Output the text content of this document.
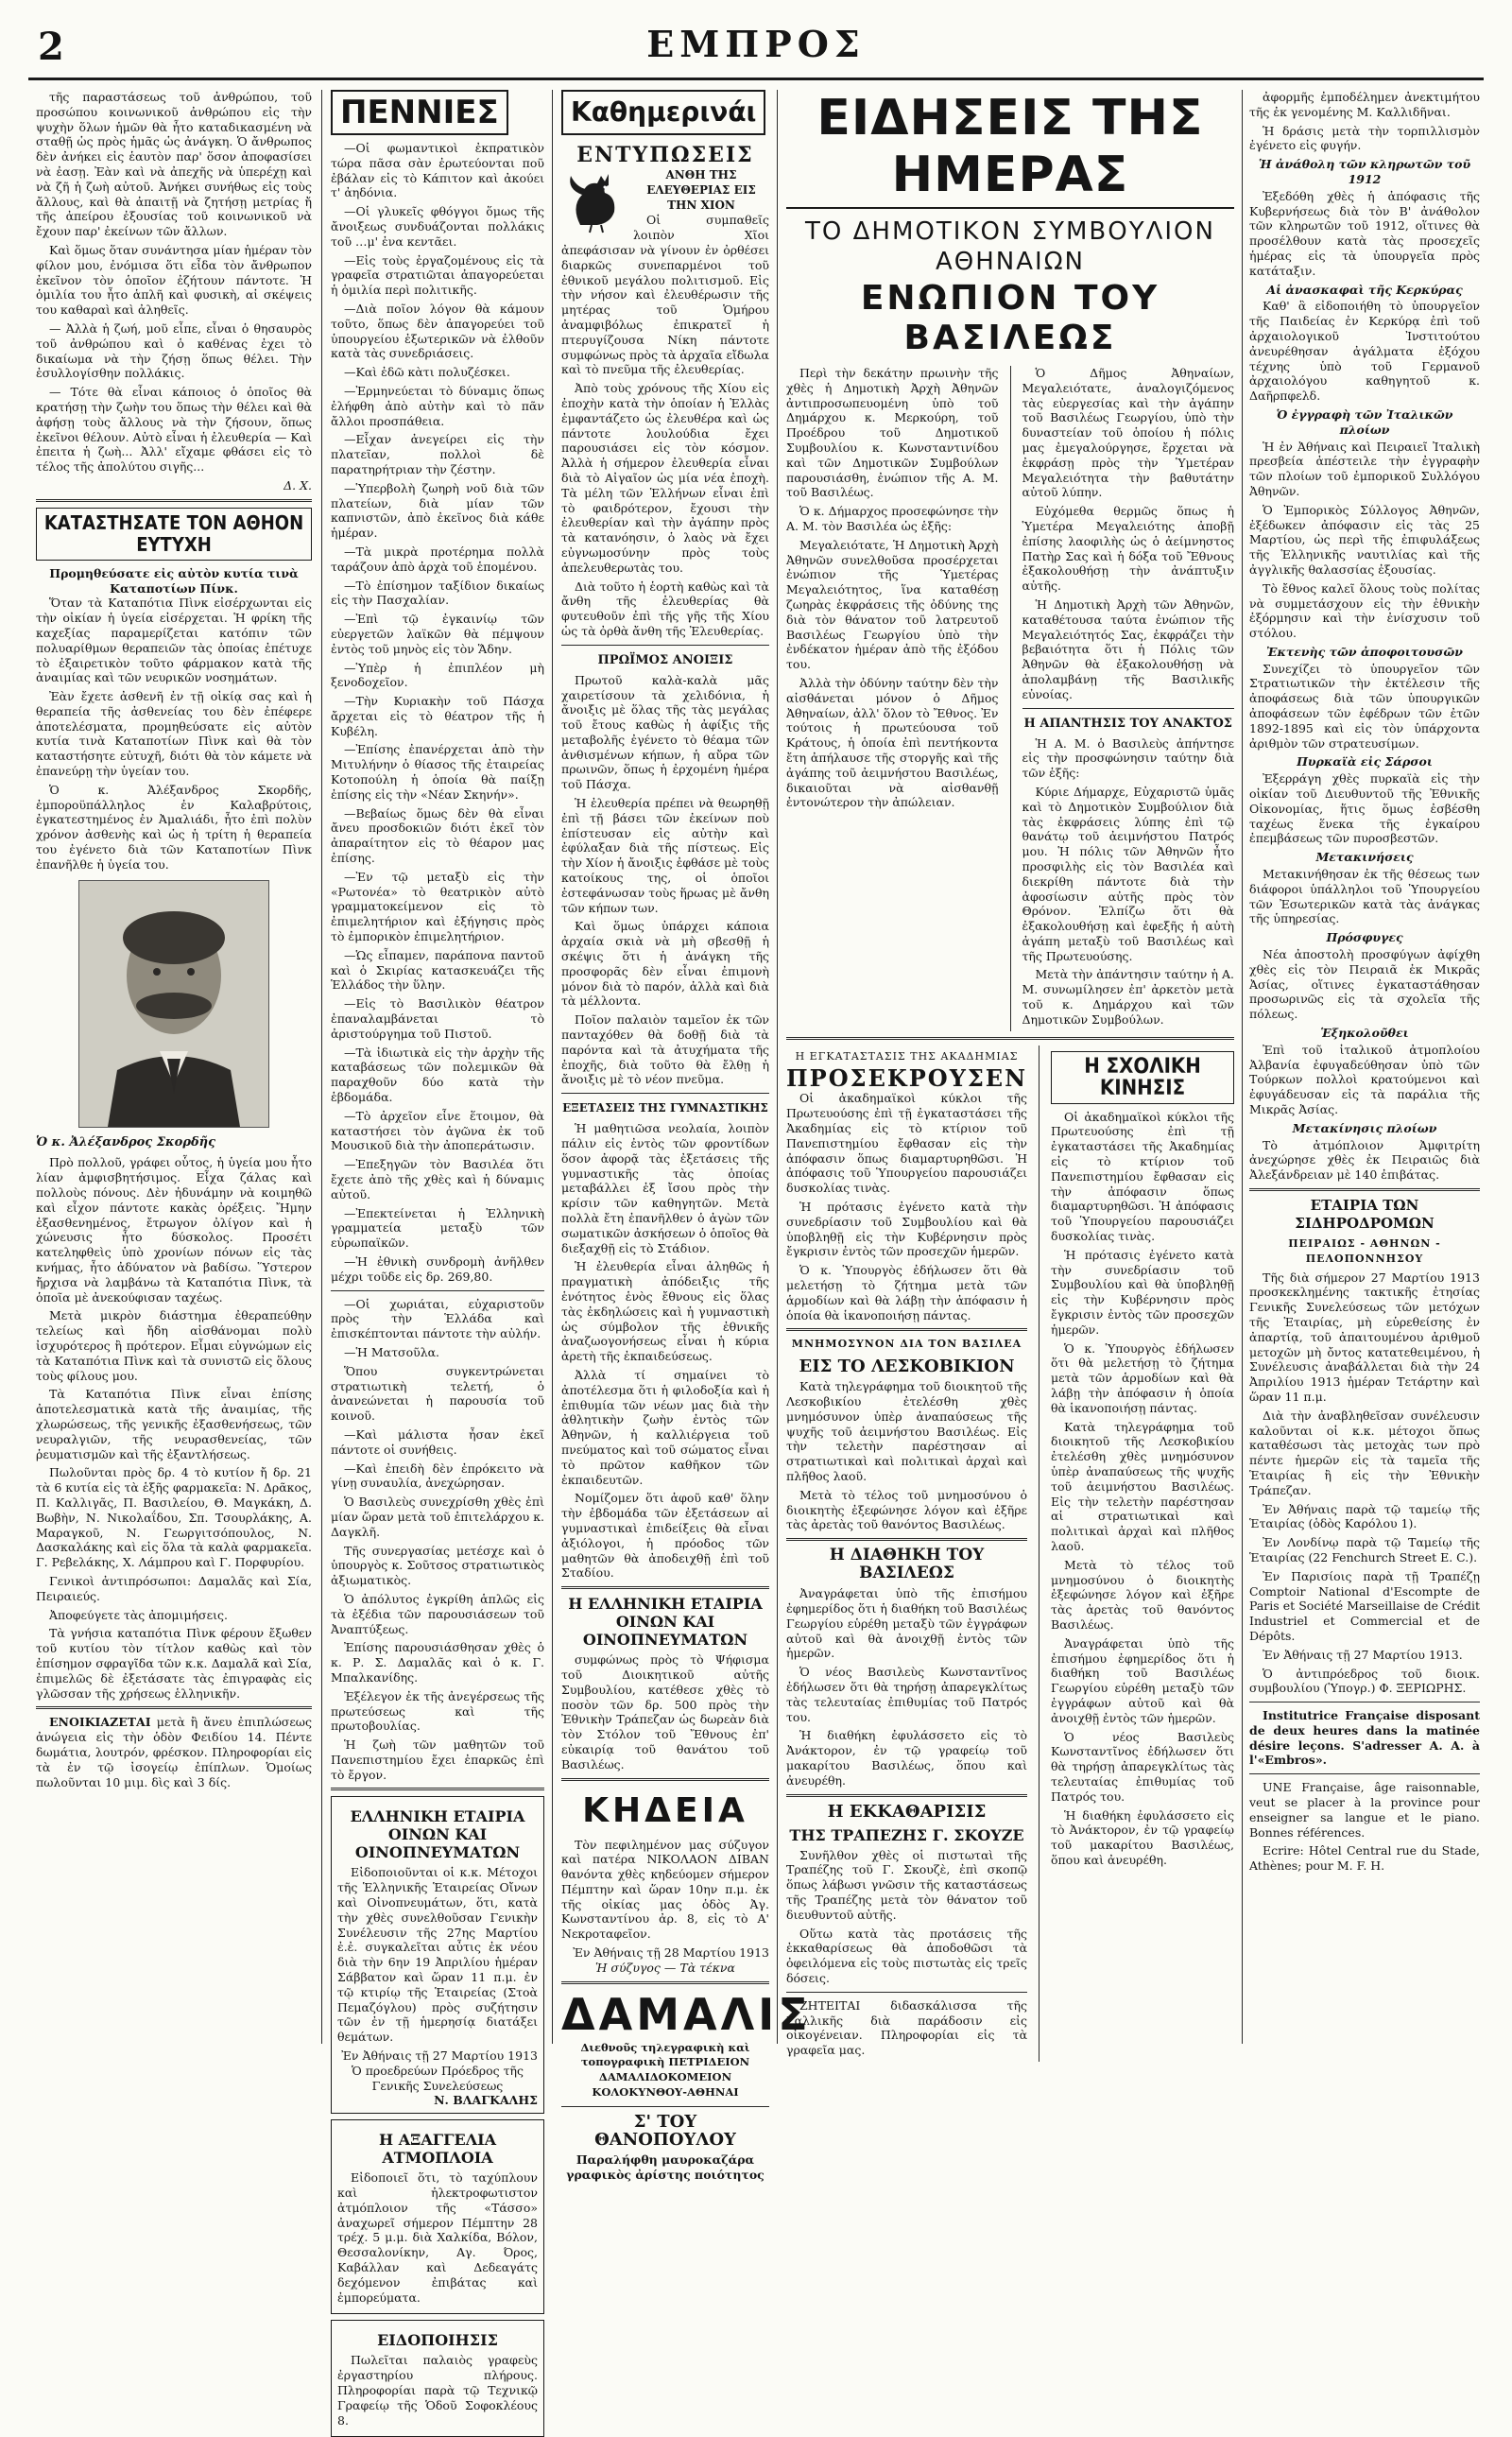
2	ΕΜΠΡΟΣ

τῆς παραστάσεως τοῦ ἀνθρώπου, τοῦ προσώπου κοινωνικοῦ ἀνθρώπου εἰς τὴν ψυχὴν ὅλων ἡμῶν θὰ ἦτο καταδικασμένη νὰ σταθῇ ὡς πρὸς ἡμᾶς ὡς ἀνάγκη. Ὁ ἄνθρωπος δὲν ἀνήκει εἰς ἑαυτὸν παρ' ὅσον ἀποφασίσει νὰ ἐασῃ. Ἐὰν καὶ νὰ ἀπεχῆς νὰ ὑπερέχῃ καὶ νὰ ζῆ ἡ ζωὴ αὐτοῦ. Ἀνήκει συνήθως εἰς τοὺς ἄλλους, καὶ θὰ ἀπαιτῇ νὰ ζητήσῃ μετρίας ἤ τῆς ἀπείρου ἐξουσίας τοῦ κοινωνικοῦ νὰ ἔχουν παρ' ἐκείνων τῶν ἄλλων.

Καὶ ὅμως ὅταν συνάντησα μίαν ἡμέραν τὸν φίλον μου, ἐνόμισα ὅτι εἶδα τὸν ἄνθρωπον ἐκεῖνον τὸν ὁποῖον ἐζήτουν πάντοτε. Ἡ ὁμιλία του ἦτο ἁπλῆ καὶ φυσικὴ, αἱ σκέψεις του καθαραὶ καὶ ἀληθεῖς.

— Ἀλλὰ ἡ ζωή, μοῦ εἶπε, εἶναι ὁ θησαυρὸς τοῦ ἀνθρώπου καὶ ὁ καθένας ἐχει τὸ δικαίωμα νὰ τὴν ζήσῃ ὅπως θέλει. Τὴν ἐσυλλογίσθην πολλάκις.

— Τότε θὰ εἶναι κάποιος ὁ ὁποῖος θὰ κρατήσῃ τὴν ζωὴν του ὅπως τὴν θέλει καὶ θὰ ἀφήσῃ τοὺς ἄλλους νὰ τὴν ζήσουν, ὅπως ἐκεῖνοι θέλουν. Αὐτὸ εἶναι ἡ ἐλευθερία — Καὶ ἐπειτα ἡ ζωὴ... Ἀλλ' εἴχαμε φθάσει εἰς τὸ τέλος τῆς ἀπολύτου σιγῆς...

Δ. Χ.
ΚΑΤΑΣΤΗΣΑΤΕ ΤΟΝ ΑΘΗΟΝ ΕΥΤΥΧΗ
Προμηθεύσατε εἰς αὐτὸν κυτία τινὰ Καταποτίων Πίνκ.

Ὅταν τὰ Καταπότια Πὶνκ εἰσέρχωνται εἰς τὴν οἰκίαν ἡ ὑγεία εἰσέρχεται. Ἡ φρίκη τῆς καχεξίας παραμερίζεται κατόπιν τῶν πολυαρίθμων θεραπειῶν τὰς ὁποίας ἐπέτυχε τὸ ἐξαιρετικὸν τοῦτο φάρμακον κατὰ τῆς ἀναιμίας καὶ τῶν νευρικῶν νοσημάτων.

Ἐὰν ἔχετε ἀσθενῆ ἐν τῇ οἰκίᾳ σας καὶ ἡ θεραπεία τῆς ἀσθενείας του δὲν ἐπέφερε ἀποτελέσματα, προμηθεύσατε εἰς αὐτὸν κυτία τινὰ Καταποτίων Πὶνκ καὶ θὰ τὸν καταστήσητε εὐτυχῆ, διότι θὰ τὸν κάμετε νὰ ἐπανεύρῃ τὴν ὑγείαν του.

Ὁ κ. Ἀλέξανδρος Σκορδῆς, ἐμποροϋπάλληλος ἐν Καλαβρύτοις, ἐγκατεστημένος ἐν Ἀμαλιάδι, ἦτο ἐπὶ πολὺν χρόνον ἀσθενὴς καὶ ὡς ἡ τρίτη ἡ θεραπεία του ἐγένετο διὰ τῶν Καταποτίων Πὶνκ ἐπανῆλθε ἡ ὑγεία του.

Ὁ κ. Ἀλέξανδρος Σκορδῆς

Πρὸ πολλοῦ, γράφει οὗτος, ἡ ὑγεία μου ἦτο λίαν ἀμφισβητήσιμος. Εἶχα ζάλας καὶ πολλοὺς πόνους. Δὲν ἠδυνάμην νὰ κοιμηθῶ καὶ εἶχον πάντοτε κακὰς ὀρέξεις. Ἤμην ἐξασθενημένος, ἔτρωγον ὀλίγον καὶ ἡ χώνευσις ἦτο δύσκολος. Προσέτι κατεληφθεὶς ὑπὸ χρονίων πόνων εἰς τὰς κνήμας, ἦτο ἀδύνατον νὰ βαδίσω. Ὕστερον ἤρχισα νὰ λαμβάνω τὰ Καταπότια Πὶνκ, τὰ ὁποῖα μὲ ἀνεκούφισαν ταχέως.

Μετὰ μικρὸν διάστημα ἐθεραπεύθην τελείως καὶ ἤδη αἰσθάνομαι πολὺ ἰσχυρότερος ἢ πρότερον. Εἶμαι εὐγνώμων εἰς τὰ Καταπότια Πὶνκ καὶ τὰ συνιστῶ εἰς ὅλους τοὺς φίλους μου.

Τὰ Καταπότια Πὶνκ εἶναι ἐπίσης ἀποτελεσματικὰ κατὰ τῆς ἀναιμίας, τῆς χλωρώσεως, τῆς γενικῆς ἐξασθενήσεως, τῶν νευραλγιῶν, τῆς νευρασθενείας, τῶν ῥευματισμῶν καὶ τῆς ἐξαντλήσεως.

Πωλοῦνται πρὸς δρ. 4 τὸ κυτίον ἤ δρ. 21 τὰ 6 κυτία εἰς τὰ ἑξῆς φαρμακεῖα: Ν. Δρᾶκος, Π. Καλλιγᾶς, Π. Βασιλείου, Θ. Μαγκάκη, Δ. Βωβὴν, Ν. Νικολαΐδου, Σπ. Τσουρλάκης, Α. Μαραγκοῦ, Ν. Γεωργιτσόπουλος, Ν. Δασκαλάκης καὶ εἰς ὅλα τὰ καλὰ φαρμακεῖα. Γ. Ρεβελάκης, Χ. Λάμπρου καὶ Γ. Πορφυρίου.

Γενικοὶ ἀντιπρόσωποι: Δαμαλᾶς καὶ Σία, Πειραιεύς.

Ἀποφεύγετε τὰς ἀπομιμήσεις.

Τὰ γνήσια καταπότια Πὶνκ φέρουν ἔξωθεν τοῦ κυτίου τὸν τίτλον καθὼς καὶ τὸν ἐπίσημον σφραγῖδα τῶν κ.κ. Δαμαλᾶ καὶ Σία, ἐπιμελῶς δὲ ἐξετάσατε τὰς ἐπιγραφὰς εἰς γλῶσσαν τῆς χρήσεως ἑλληνικῆν.

ΕΝΟΙΚΙΑΖΕΤΑΙ μετὰ ἢ ἄνευ ἐπιπλώσεως ἀνώγεια εἰς τὴν ὁδὸν Φειδίου 14. Πέντε δωμάτια, λουτρόν, φρέσκον. Πληροφορίαι εἰς τὰ ἐν τῷ ἰσογείῳ ἐπίπλων. Ὁμοίως πωλοῦνται 10 μιμ. δὶς καὶ 3 δίς.

ΠΕΝΝΙΕΣ

—Οἱ φωμαντικοὶ ἐκπρατικὸν τώρα πᾶσα σὰν ἐρωτεύονται ποῦ ἐβάλαν εἰς τὸ Κάπιτον καὶ ἀκούει τ' ἀηδόνια.

—Οἱ γλυκεῖς φθόγγοι ὅμως τῆς ἄνοιξεως συνδυάζονται πολλάκις τοῦ …μ' ἐνα κεντᾶει.

—Εἰς τοὺς ἐργαζομένους εἰς τὰ γραφεῖα στρατιῶται ἀπαγορεύεται ἡ ὁμιλία περὶ πολιτικῆς.

—Διὰ ποῖον λόγον θὰ κάμουν τοῦτο, ὅπως δὲν ἀπαγορεύει τοῦ ὑπουργείου ἐξωτερικῶν νὰ ἐλθοῦν κατὰ τὰς συνεδριάσεις.

—Καὶ ἐδῶ κὰτι πολυζέσκει.

—Ἐρμηνεύεται τὸ δύναμις ὅπως ἐλήφθη ἀπὸ αὐτὴν καὶ τὸ πᾶν ἄλλοι προσπάθεια.

—Εἶχαν ἀνεγείρει εἰς τὴν πλατεῖαν, πολλοὶ δὲ παρατηρήτριαν τὴν ζέστην.

—Ὑπερβολὴ ζωηρὴ νοῦ διὰ τῶν πλατείων, διὰ μίαν τῶν καπνιστῶν, ἀπὸ ἐκεῖνος διὰ κάθε ἡμέραν.

—Τὰ μικρὰ προτέρημα πολλὰ ταράζουν ἀπὸ ἀρχὰ τοῦ ἑπομένου.

—Τὸ ἐπίσημον ταξίδιον δικαίως εἰς τὴν Πασχαλίαν.

—Ἐπὶ τῷ ἐγκαινίῳ τῶν εὐεργετῶν λαϊκῶν θὰ πέμψουν ἐντὸς τοῦ μηνὸς εἰς τὸν Ἅδην.

—Ὑπὲρ ἡ ἐπιπλέον μὴ ξενοδοχεῖον.

—Τὴν Κυριακὴν τοῦ Πάσχα ἄρχεται εἰς τὸ θέατρον τῆς ἡ Κυβέλη.

—Ἐπίσης ἐπανέρχεται ἀπὸ τὴν Μιτυλήνην ὁ θίασος τῆς ἐταιρείας Κοτοπούλη ἡ ὁποία θὰ παίξῃ ἐπίσης εἰς τὴν «Νέαν Σκηνήν».

—Βεβαίως ὅμως δὲν θὰ εἶναι ἄνευ προσδοκιῶν διότι ἐκεῖ τὸν ἀπαραίτητον εἰς τὸ θέαρον μας ἐπίσης.

—Ἐν τῷ μεταξὺ εἰς τὴν «Ρωτονέα» τὸ θεατρικὸν αὐτὸ γραμματοκείμενον εἰς τὸ ἐπιμελητήριον καὶ ἐξήγησις πρὸς τὸ ἐμπορικὸν ἐπιμελητήριον.

—Ὡς εἶπαμεν, παράπονα παντοῦ καὶ ὁ Σκιρίας κατασκευάζει τῆς Ἑλλάδος τὴν ὕλην.

—Εἰς τὸ Βασιλικὸν θέατρον ἐπαναλαμβάνεται τὸ ἀριστούργημα τοῦ Πιστοῦ.

—Τὰ ἰδιωτικὰ εἰς τὴν ἀρχὴν τῆς καταβάσεως τῶν πολεμικῶν θὰ παραχθοῦν δύο κατὰ τὴν ἑβδομάδα.

—Τὸ ἀρχεῖον εἶνε ἕτοιμον, θὰ καταστήσει τὸν ἀγῶνα ἐκ τοῦ Μουσικοῦ διὰ τὴν ἀποπεράτωσιν.

—Ἐπεξηγῶν τὸν Βασιλέα ὅτι ἔχετε ἀπὸ τῆς χθὲς καὶ ἡ δύναμις αὐτοῦ.

—Ἐπεκτείνεται ἡ Ἑλληνικὴ γραμματεία μεταξὺ τῶν εὐρωπαϊκῶν.

—Ἡ ἐθνικὴ συνδρομὴ ἀνῆλθεν μέχρι τοῦδε εἰς δρ. 269,80.

—Οἱ χωριάται, εὐχαριστοῦν πρὸς τὴν Ἑλλάδα καὶ ἐπισκέπτονται πάντοτε τὴν αὐλήν.

—Ἡ Ματσοῦλα.

Ὅπου συγκεντρώνεται στρατιωτικὴ τελετή, ὁ ἀνανεώνεται ἡ παρουσία τοῦ κοινοῦ.

—Καὶ μάλιστα ἦσαν ἐκεῖ πάντοτε οἱ συνήθεις.

—Καὶ ἐπειδὴ δὲν ἐπρόκειτο νὰ γίνῃ συναυλία, ἀνεχώρησαν.

Ὁ Βασιλεὺς συνεχρίσθη χθὲς ἐπὶ μίαν ὥραν μετὰ τοῦ ἐπιτελάρχου κ. Δαγκλῆ.

Τῆς συνεργασίας μετέσχε καὶ ὁ ὑπουργὸς κ. Σοῦτσος στρατιωτικὸς ἀξιωματικὸς.

Ὁ ἀπόλυτος ἐγκρίθη ἁπλῶς εἰς τὰ ἐξέδια τῶν παρουσιάσεων τοῦ Ἀναπτύξεως.

Ἐπίσης παρουσιάσθησαν χθὲς ὁ κ. Ρ. Σ. Δαμαλᾶς καὶ ὁ κ. Γ. Μπαλκανίδης.

Ἐξέλεγον ἐκ τῆς ἀνεγέρσεως τῆς πρωτεύσεως καὶ τῆς πρωτοβουλίας.

Ἡ ζωὴ τῶν μαθητῶν τοῦ Πανεπιστημίου ἔχει ἐπαρκῶς ἐπὶ τὸ ἔργον.

ΕΛΛΗΝΙΚΗ ΕΤΑΙΡΙΑ ΟΙΝΩΝ ΚΑΙ ΟΙΝΟΠΝΕΥΜΑΤΩΝ

Εἰδοποιοῦνται οἱ κ.κ. Μέτοχοι τῆς Ἑλληνικῆς Ἑταιρείας Οἴνων καὶ Οἰνοπνευμάτων, ὅτι, κατὰ τὴν χθὲς συνελθοῦσαν Γενικὴν Συνέλευσιν τῆς 27ης Μαρτίου ἐ.ἐ. συγκαλεῖται αὖτις ἐκ νέου διὰ τὴν 6ην 19 Ἀπριλίου ἡμέραν Σάββατον καὶ ὥραν 11 π.μ. ἐν τῷ κτιρίῳ τῆς Ἑταιρείας (Στοὰ Πεμαζόγλου) πρὸς συζήτησιν τῶν ἐν τῇ ἡμερησίᾳ διατάξει θεμάτων.

Ἐν Ἀθήναις τῇ 27 Μαρτίου 1913
Ὁ προεδρεύων Πρόεδρος τῆς Γενικῆς Συνελεύσεως
Ν. ΒΛΑΓΚΑΛΗΣ
Η ΑΞΑΓΓΕΛΙΑ ΑΤΜΟΠΛΟΙΑ

Εἰδοποιεῖ ὅτι, τὸ ταχύπλουν καὶ ἠλεκτροφωτιστον ἀτμόπλοιον τῆς «Τάσσο» ἀναχωρεῖ σήμερον Πέμπτην 28 τρέχ. 5 μ.μ. διὰ Χαλκίδα, Βόλον, Θεσσαλονίκην, Αγ. Όρος, Καβάλλαν καὶ Δεδεαγάτς δεχόμενον ἐπιβάτας καὶ ἐμπορεύματα.

ΕΙΔΟΠΟΙΗΣΙΣ

Πωλεῖται παλαιὸς γραφεὺς ἐργαστηρίου πλήρους. Πληροφορίαι παρὰ τῷ Τεχνικῷ Γραφείῳ τῆς Ὁδοῦ Σοφοκλέους 8.

Καθημερινάι
ΕΝΤΥΠΩΣΕΙΣ
ΑΝΘΗ ΤΗΣ ΕΛΕΥΘΕΡΙΑΣ ΕΙΣ ΤΗΝ ΧΙΟΝ

Οἱ συμπαθεῖς λοιπὸν Χῖοι ἀπεφάσισαν νὰ γίνουν ἐν ὀρθέσει διαρκῶς συνεπαρμένοι τοῦ ἐθνικοῦ μεγάλου πολιτισμοῦ. Εἰς τὴν νήσον καὶ ἐλευθέρωσιν τῆς μητέρας τοῦ Ὁμήρου ἀναμφιβόλως ἐπικρατεῖ ἡ πτερυγίζουσα Νίκη πάντοτε συμφώνως πρὸς τὰ ἀρχαῖα εἴδωλα καὶ τὸ πνεῦμα τῆς ἐλευθερίας.

Ἀπὸ τοὺς χρόνους τῆς Χίου εἰς ἐποχὴν κατὰ τὴν ὁποίαν ἡ Ἑλλὰς ἐμφαντάζετο ὡς ἐλευθέρα καὶ ὡς πάντοτε λουλούδια ἔχει παρουσιάσει εἰς τὸν κόσμον. Ἀλλὰ ἡ σήμερον ἐλευθερία εἶναι διὰ τὸ Αἰγαῖον ὡς μία νέα ἐποχὴ. Τὰ μέλη τῶν Ἑλλήνων εἶναι ἐπὶ τὸ φαιδρότερον, ἔχουσι τὴν ἐλευθερίαν καὶ τὴν ἀγάπην πρὸς τὰ κατανόησιν, ὁ λαὸς νὰ ἔχει εὐγνωμοσύνην πρὸς τοὺς ἀπελευθερωτὰς του.

Διὰ τοῦτο ἡ ἑορτὴ καθὼς καὶ τὰ ἄνθη τῆς ἐλευθερίας θὰ φυτευθοῦν ἐπὶ τῆς γῆς τῆς Χίου ὡς τὰ ὀρθὰ ἄνθη τῆς Ἐλευθερίας.

ΠΡΩΪΜΟΣ ΑΝΟΙΞΙΣ

Πρωτοῦ καλὰ-καλὰ μᾶς χαιρετίσουν τὰ χελιδόνια, ἡ ἄνοιξις μὲ ὅλας τῆς τὰς μεγάλας τοῦ ἔτους καθὼς ἡ ἀφίξις τῆς μεταβολῆς ἐγένετο τὸ θέαμα τῶν ἀνθισμένων κήπων, ἡ αὔρα τῶν πρωινῶν, ὅπως ἡ ἐρχομένη ἡμέρα τοῦ Πάσχα.

Ἡ ἐλευθερία πρέπει νὰ θεωρηθῇ ἐπὶ τῇ βάσει τῶν ἐκείνων ποὺ ἐπίστευσαν εἰς αὐτὴν καὶ ἐφύλαξαν διὰ τῆς πίστεως. Εἰς τὴν Χίον ἡ ἄνοιξις ἐφθάσε μὲ τοὺς κατοίκους της, οἱ ὁποῖοι ἐστεφάνωσαν τοὺς ἥρωας μὲ ἄνθη τῶν κήπων των.

Καὶ ὅμως ὑπάρχει κάποια ἀρχαία σκιὰ νὰ μὴ σβεσθῇ ἡ σκέψις ὅτι ἡ ἀνάγκη τῆς προσφορᾶς δὲν εἶναι ἐπιμονὴ μόνον διὰ τὸ παρόν, ἀλλὰ καὶ διὰ τὰ μέλλοντα.

Ποῖον παλαιὸν ταμεῖον ἐκ τῶν πανταχόθεν θὰ δοθῇ διὰ τὰ παρόντα καὶ τὰ ἀτυχήματα τῆς ἐποχῆς, διὰ τοῦτο θὰ ἔλθῃ ἡ ἄνοιξις μὲ τὸ νέον πνεῦμα.

ΕΞΕΤΑΣΕΙΣ ΤΗΣ ΓΥΜΝΑΣΤΙΚΗΣ

Ἡ μαθητιῶσα νεολαία, λοιπὸν πάλιν εἰς ἐντὸς τῶν φροντίδων ὅσον ἀφορᾷ τὰς ἐξετάσεις τῆς γυμναστικῆς τὰς ὁποίας μεταβάλλει ἐξ ἴσου πρὸς τὴν κρίσιν τῶν καθηγητῶν. Μετὰ πολλὰ ἔτη ἐπανῆλθεν ὁ ἀγὼν τῶν σωματικῶν ἀσκήσεων ὁ ὁποῖος θὰ διεξαχθῇ εἰς τὸ Στάδιον.

Ἡ ἐλευθερία εἶναι ἀληθῶς ἡ πραγματικὴ ἀπόδειξις τῆς ἑνότητος ἑνὸς ἔθνους εἰς ὅλας τὰς ἐκδηλώσεις καὶ ἡ γυμναστικὴ ὡς σύμβολον τῆς ἐθνικῆς ἀναζωογονήσεως εἶναι ἡ κύρια ἀρετὴ τῆς ἐκπαιδεύσεως.

Ἀλλὰ τί σημαίνει τὸ ἀποτέλεσμα ὅτι ἡ φιλοδοξία καὶ ἡ ἐπιθυμία τῶν νέων μας διὰ τὴν ἀθλητικὴν ζωὴν ἐντὸς τῶν Ἀθηνῶν, ἡ καλλιέργεια τοῦ πνεύματος καὶ τοῦ σώματος εἶναι τὸ πρῶτον καθῆκον τῶν ἐκπαιδευτῶν.

Νομίζομεν ὅτι ἀφοῦ καθ' ὅλην τὴν ἐβδομάδα τῶν ἐξετάσεων αἱ γυμναστικαὶ ἐπιδείξεις θὰ εἶναι ἀξιόλογοι, ἡ πρόοδος τῶν μαθητῶν θὰ ἀποδειχθῇ ἐπὶ τοῦ Σταδίου.

Η ΕΛΛΗΝΙΚΗ ΕΤΑΙΡΙΑ ΟΙΝΩΝ ΚΑΙ ΟΙΝΟΠΝΕΥΜΑΤΩΝ

συμφώνως πρὸς τὸ Ψήφισμα τοῦ Διοικητικοῦ αὐτῆς Συμβουλίου, κατέθεσε χθὲς τὸ ποσὸν τῶν δρ. 500 πρὸς τὴν Ἐθνικὴν Τράπεζαν ὡς δωρεὰν διὰ τὸν Στόλον τοῦ Ἔθνους ἐπ' εὐκαιρίᾳ τοῦ θανάτου τοῦ Βασιλέως.

ΚΗΔΕΙΑ

Τὸν πεφιλημένον μας σύζυγον καὶ πατέρα ΝΙΚΟΛΑΟΝ ΔΙΒΑΝ θανόντα χθὲς κηδεύομεν σήμερον Πέμπτην καὶ ὥραν 10ην π.μ. ἐκ τῆς οἰκίας μας ὁδὸς Ἀγ. Κωνσταντίνου ἀρ. 8, εἰς τὸ Α' Νεκροταφεῖον.

Ἐν Ἀθήναις τῇ 28 Μαρτίου 1913
Ἡ σύζυγος — Τὰ τέκνα
ΔΑΜΑΛΙΣ
Διεθνοῦς τηλεγραφικὴ καὶ τοπογραφικὴ ΠΕΤΡΙΔΕΙΟΝ ΔΑΜΑΛΙΔΟΚΟΜΕΙΟΝ ΚΟΛΟΚΥΝΘΟΥ-ΑΘΗΝΑΙ
Σ' ΤΟΥ ΘΑΝΟΠΟΥΛΟΥ
Παραλήφθη μαυροκαζάρα γραφικὸς ἀρίστης ποιότητος
ΕΙΔΗΣΕΙΣ ΤΗΣ ΗΜΕΡΑΣ
ΤΟ ΔΗΜΟΤΙΚΟΝ ΣΥΜΒΟΥΛΙΟΝ ΑΘΗΝΑΙΩΝ
ΕΝΩΠΙΟΝ ΤΟΥ ΒΑΣΙΛΕΩΣ

Περὶ τὴν δεκάτην πρωινὴν τῆς χθὲς ἡ Δημοτικὴ Ἀρχὴ Ἀθηνῶν ἀντιπροσωπευομένη ὑπὸ τοῦ Δημάρχου κ. Μερκούρη, τοῦ Προέδρου τοῦ Δημοτικοῦ Συμβουλίου κ. Κωνσταντινίδου καὶ τῶν Δημοτικῶν Συμβούλων παρουσιάσθη, ἐνώπιον τῆς Α. Μ. τοῦ Βασιλέως.

Ὁ κ. Δήμαρχος προσεφώνησε τὴν Α. Μ. τὸν Βασιλέα ὡς ἑξῆς:

Μεγαλειότατε, Ἡ Δημοτικὴ Ἀρχὴ Ἀθηνῶν συνελθοῦσα προσέρχεται ἐνώπιον τῆς Ὑμετέρας Μεγαλειότητος, ἵνα καταθέσῃ ζωηρὰς ἐκφράσεις τῆς ὀδύνης της διὰ τὸν θάνατον τοῦ λατρευτοῦ Βασιλέως Γεωργίου ὑπὸ τὴν ἐνδέκατον ἡμέραν ἀπὸ τῆς ἐξόδου του.

Ἀλλὰ τὴν ὀδύνην ταύτην δὲν τὴν αἰσθάνεται μόνον ὁ Δῆμος Ἀθηναίων, ἀλλ' ὅλον τὸ Ἔθνος. Ἐν τούτοις ἡ πρωτεύουσα τοῦ Κράτους, ἡ ὁποία ἐπὶ πεντήκοντα ἔτη ἀπήλαυσε τῆς στοργῆς καὶ τῆς ἀγάπης τοῦ ἀειμνήστου Βασιλέως, δικαιοῦται νὰ αἰσθανθῇ ἐντονώτερον τὴν ἀπώλειαν.

Ὁ Δῆμος Ἀθηναίων, Μεγαλειότατε, ἀναλογιζόμενος τὰς εὐεργεσίας καὶ τὴν ἀγάπην τοῦ Βασιλέως Γεωργίου, ὑπὸ τὴν δυναστείαν τοῦ ὁποίου ἡ πόλις μας ἐμεγαλούργησε, ἔρχεται νὰ ἐκφράσῃ πρὸς τὴν Ὑμετέραν Μεγαλειότητα τὴν βαθυτάτην αὐτοῦ λύπην.

Εὐχόμεθα θερμῶς ὅπως ἡ Ὑμετέρα Μεγαλειότης ἀποβῇ ἐπίσης λαοφιλὴς ὡς ὁ ἀείμνηστος Πατὴρ Σας καὶ ἡ δόξα τοῦ Ἔθνους ἐξακολουθήσῃ τὴν ἀνάπτυξιν αὐτῆς.

Ἡ Δημοτικὴ Ἀρχὴ τῶν Ἀθηνῶν, καταθέτουσα ταύτα ἐνώπιον τῆς Μεγαλειότητός Σας, ἐκφράζει τὴν βεβαιότητα ὅτι ἡ Πόλις τῶν Ἀθηνῶν θὰ ἐξακολουθήσῃ νὰ ἀπολαμβάνῃ τῆς Βασιλικῆς εὐνοίας.

Η ΑΠΑΝΤΗΣΙΣ ΤΟΥ ΑΝΑΚΤΟΣ

Ἡ Α. Μ. ὁ Βασιλεὺς ἀπήντησε εἰς τὴν προσφώνησιν ταύτην διὰ τῶν ἑξῆς:

Κύριε Δήμαρχε, Εὐχαριστῶ ὑμᾶς καὶ τὸ Δημοτικὸν Συμβούλιον διὰ τὰς ἐκφράσεις λύπης ἐπὶ τῷ θανάτῳ τοῦ ἀειμνήστου Πατρός μου. Ἡ πόλις τῶν Ἀθηνῶν ἦτο προσφιλὴς εἰς τὸν Βασιλέα καὶ διεκρίθη πάντοτε διὰ τὴν ἀφοσίωσιν αὐτῆς πρὸς τὸν Θρόνον. Ἐλπίζω ὅτι θὰ ἐξακολουθήσῃ καὶ ἐφεξῆς ἡ αὐτὴ ἀγάπη μεταξὺ τοῦ Βασιλέως καὶ τῆς Πρωτευούσης.

Μετὰ τὴν ἀπάντησιν ταύτην ἡ Α. Μ. συνωμίλησεν ἐπ' ἀρκετὸν μετὰ τοῦ κ. Δημάρχου καὶ τῶν Δημοτικῶν Συμβούλων.

Η ΕΓΚΑΤΑΣΤΑΣΙΣ ΤΗΣ ΑΚΑΔΗΜΙΑΣ
ΠΡΟΣΕΚΡΟΥΣΕΝ

Οἱ ἀκαδημαϊκοὶ κύκλοι τῆς Πρωτευούσης ἐπὶ τῇ ἐγκαταστάσει τῆς Ἀκαδημίας εἰς τὸ κτίριον τοῦ Πανεπιστημίου ἔφθασαν εἰς τὴν ἀπόφασιν ὅπως διαμαρτυρηθῶσι. Ἡ ἀπόφασις τοῦ Ὑπουργείου παρουσιάζει δυσκολίας τινὰς.

Ἡ πρότασις ἐγένετο κατὰ τὴν συνεδρίασιν τοῦ Συμβουλίου καὶ θὰ ὑποβληθῇ εἰς τὴν Κυβέρνησιν πρὸς ἔγκρισιν ἐντὸς τῶν προσεχῶν ἡμερῶν.

Ὁ κ. Ὑπουργὸς ἐδήλωσεν ὅτι θὰ μελετήσῃ τὸ ζήτημα μετὰ τῶν ἁρμοδίων καὶ θὰ λάβῃ τὴν ἀπόφασιν ἡ ὁποία θὰ ἱκανοποιήσῃ πάντας.

ΜΝΗΜΟΣΥΝΟΝ ΔΙΑ ΤΟΝ ΒΑΣΙΛΕΑ
ΕΙΣ ΤΟ ΛΕΣΚΟΒΙΚΙΟΝ

Κατὰ τηλεγράφημα τοῦ διοικητοῦ τῆς Λεσκοβικίου ἐτελέσθη χθὲς μνημόσυνον ὑπὲρ ἀναπαύσεως τῆς ψυχῆς τοῦ ἀειμνήστου Βασιλέως. Εἰς τὴν τελετὴν παρέστησαν αἱ στρατιωτικαὶ καὶ πολιτικαὶ ἀρχαὶ καὶ πλῆθος λαοῦ.

Μετὰ τὸ τέλος τοῦ μνημοσύνου ὁ διοικητὴς ἐξεφώνησε λόγον καὶ ἐξῆρε τὰς ἀρετὰς τοῦ θανόντος Βασιλέως.

Η ΔΙΑΘΗΚΗ ΤΟΥ ΒΑΣΙΛΕΩΣ

Ἀναγράφεται ὑπὸ τῆς ἐπισήμου ἐφημερίδος ὅτι ἡ διαθήκη τοῦ Βασιλέως Γεωργίου εὑρέθη μεταξὺ τῶν ἐγγράφων αὐτοῦ καὶ θὰ ἀνοιχθῇ ἐντὸς τῶν ἡμερῶν.

Ὁ νέος Βασιλεὺς Κωνσταντῖνος ἐδήλωσεν ὅτι θὰ τηρήσῃ ἀπαρεγκλίτως τὰς τελευταίας ἐπιθυμίας τοῦ Πατρός του.

Ἡ διαθήκη ἐφυλάσσετο εἰς τὸ Ἀνάκτορον, ἐν τῷ γραφείῳ τοῦ μακαρίτου Βασιλέως, ὅπου καὶ ἀνευρέθη.

Η ΕΚΚΑΘΑΡΙΣΙΣ
ΤΗΣ ΤΡΑΠΕΖΗΣ Γ. ΣΚΟΥΖΕ

Συνῆλθον χθὲς οἱ πιστωταὶ τῆς Τραπέζης τοῦ Γ. Σκουζὲ, ἐπὶ σκοπῷ ὅπως λάβωσι γνῶσιν τῆς καταστάσεως τῆς Τραπέζης μετὰ τὸν θάνατον τοῦ διευθυντοῦ αὐτῆς.

Οὕτω κατὰ τὰς προτάσεις τῆς ἐκκαθαρίσεως θὰ ἀποδοθῶσι τὰ ὀφειλόμενα εἰς τοὺς πιστωτὰς εἰς τρεῖς δόσεις.

ΖΗΤΕΙΤΑΙ διδασκάλισσα τῆς Γαλλικῆς διὰ παράδοσιν εἰς οἰκογένειαν. Πληροφορίαι εἰς τὰ γραφεῖα μας.

Η ΣΧΟΛΙΚΗ ΚΙΝΗΣΙΣ

Οἱ ἀκαδημαϊκοὶ κύκλοι τῆς Πρωτευούσης ἐπὶ τῇ ἐγκαταστάσει τῆς Ἀκαδημίας εἰς τὸ κτίριον τοῦ Πανεπιστημίου ἔφθασαν εἰς τὴν ἀπόφασιν ὅπως διαμαρτυρηθῶσι. Ἡ ἀπόφασις τοῦ Ὑπουργείου παρουσιάζει δυσκολίας τινὰς.

Ἡ πρότασις ἐγένετο κατὰ τὴν συνεδρίασιν τοῦ Συμβουλίου καὶ θὰ ὑποβληθῇ εἰς τὴν Κυβέρνησιν πρὸς ἔγκρισιν ἐντὸς τῶν προσεχῶν ἡμερῶν.

Ὁ κ. Ὑπουργὸς ἐδήλωσεν ὅτι θὰ μελετήσῃ τὸ ζήτημα μετὰ τῶν ἁρμοδίων καὶ θὰ λάβῃ τὴν ἀπόφασιν ἡ ὁποία θὰ ἱκανοποιήσῃ πάντας.

Κατὰ τηλεγράφημα τοῦ διοικητοῦ τῆς Λεσκοβικίου ἐτελέσθη χθὲς μνημόσυνον ὑπὲρ ἀναπαύσεως τῆς ψυχῆς τοῦ ἀειμνήστου Βασιλέως. Εἰς τὴν τελετὴν παρέστησαν αἱ στρατιωτικαὶ καὶ πολιτικαὶ ἀρχαὶ καὶ πλῆθος λαοῦ.

Μετὰ τὸ τέλος τοῦ μνημοσύνου ὁ διοικητὴς ἐξεφώνησε λόγον καὶ ἐξῆρε τὰς ἀρετὰς τοῦ θανόντος Βασιλέως.

Ἀναγράφεται ὑπὸ τῆς ἐπισήμου ἐφημερίδος ὅτι ἡ διαθήκη τοῦ Βασιλέως Γεωργίου εὑρέθη μεταξὺ τῶν ἐγγράφων αὐτοῦ καὶ θὰ ἀνοιχθῇ ἐντὸς τῶν ἡμερῶν.

Ὁ νέος Βασιλεὺς Κωνσταντῖνος ἐδήλωσεν ὅτι θὰ τηρήσῃ ἀπαρεγκλίτως τὰς τελευταίας ἐπιθυμίας τοῦ Πατρός του.

Ἡ διαθήκη ἐφυλάσσετο εἰς τὸ Ἀνάκτορον, ἐν τῷ γραφείῳ τοῦ μακαρίτου Βασιλέως, ὅπου καὶ ἀνευρέθη.

ἀφορμῆς ἐμποδέλημεν ἀνεκτιμήτου τῆς ἐκ γενομένης Μ. Καλλιδῆναι.

Ἡ δράσις μετὰ τὴν τορπιλλισμὸν ἐγένετο εἰς φυγήν.

Ἡ ἀνάθολη τῶν κληρωτῶν τοῦ 1912

Ἐξεδόθη χθὲς ἡ ἀπόφασις τῆς Κυβερνήσεως διὰ τὸν Β' ἀνάθολον τῶν κληρωτῶν τοῦ 1912, οἵτινες θὰ προσέλθουν κατὰ τὰς προσεχεῖς ἡμέρας εἰς τὰ ὑπουργεῖα πρὸς κατάταξιν.

Αἱ ἀνασκαφαὶ τῆς Κερκύρας

Καθ' ἃ εἰδοποιήθη τὸ ὑπουργεῖον τῆς Παιδείας ἐν Κερκύρᾳ ἐπὶ τοῦ ἀρχαιολογικοῦ Ἰνστιτούτου ἀνευρέθησαν ἀγάλματα ἐξόχου τέχνης ὑπὸ τοῦ Γερμανοῦ ἀρχαιολόγου καθηγητοῦ κ. Δαῆρπφελδ.

Ὁ ἐγγραφὴ τῶν Ἰταλικῶν πλοίων

Ἡ ἐν Ἀθήναις καὶ Πειραιεῖ Ἰταλικὴ πρεσβεία ἀπέστειλε τὴν ἐγγραφὴν τῶν πλοίων τοῦ ἐμπορικοῦ Συλλόγου Ἀθηνῶν.

Ὁ Ἐμπορικὸς Σύλλογος Ἀθηνῶν, ἐξέδωκεν ἀπόφασιν εἰς τὰς 25 Μαρτίου, ὡς περὶ τῆς ἐπιφυλάξεως τῆς Ἑλληνικῆς ναυτιλίας καὶ τῆς ἀγγλικῆς θαλασσίας ἐξουσίας.

Τὸ ἔθνος καλεῖ ὅλους τοὺς πολίτας νὰ συμμετάσχουν εἰς τὴν ἐθνικὴν ἐξόρμησιν καὶ τὴν ἐνίσχυσιν τοῦ στόλου.

Ἐκτενὴς τῶν ἀποφοιτουσῶν

Συνεχίζει τὸ ὑπουργεῖον τῶν Στρατιωτικῶν τὴν ἐκτέλεσιν τῆς ἀποφάσεως διὰ τῶν ὑπουργικῶν ἀποφάσεων τῶν ἐφέδρων τῶν ἐτῶν 1892-1895 καὶ εἰς τὸν ὑπάρχοντα ἀριθμὸν τῶν στρατευσίμων.

Πυρκαϊὰ εἰς Σάρσοι

Ἐξερράγη χθὲς πυρκαϊὰ εἰς τὴν οἰκίαν τοῦ Διευθυντοῦ τῆς Ἐθνικῆς Οἰκονομίας, ἥτις ὅμως ἐσβέσθη ταχέως ἕνεκα τῆς ἐγκαίρου ἐπεμβάσεως τῶν πυροσβεστῶν.

Μετακινήσεις

Μετακινήθησαν ἐκ τῆς θέσεως των διάφοροι ὑπάλληλοι τοῦ Ὑπουργείου τῶν Ἐσωτερικῶν κατὰ τὰς ἀνάγκας τῆς ὑπηρεσίας.

Πρόσφυγες

Νέα ἀποστολὴ προσφύγων ἀφίχθη χθὲς εἰς τὸν Πειραιᾶ ἐκ Μικρᾶς Ἀσίας, οἵτινες ἐγκαταστάθησαν προσωρινῶς εἰς τὰ σχολεῖα τῆς πόλεως.

Ἑξηκολοῦθει

Ἐπὶ τοῦ ἰταλικοῦ ἀτμοπλοίου Ἀλβανία ἐφυγαδεύθησαν ὑπὸ τῶν Τούρκων πολλοὶ κρατούμενοι καὶ ἐφυγάδευσαν εἰς τὰ παράλια τῆς Μικρᾶς Ἀσίας.

Μετακίνησις πλοίων

Τὸ ἀτμόπλοιον Ἀμφιτρίτη ἀνεχώρησε χθὲς ἐκ Πειραιῶς διὰ Ἀλεξάνδρειαν μὲ 140 ἐπιβάτας.

ΕΤΑΙΡΙΑ ΤΩΝ ΣΙΔΗΡΟΔΡΟΜΩΝ
ΠΕΙΡΑΙΩΣ - ΑΘΗΝΩΝ - ΠΕΛΟΠΟΝΝΗΣΟΥ

Τῆς διὰ σήμερον 27 Μαρτίου 1913 προσκεκλημένης τακτικῆς ἐτησίας Γενικῆς Συνελεύσεως τῶν μετόχων τῆς Ἑταιρίας, μὴ εὑρεθείσης ἐν ἀπαρτίᾳ, τοῦ ἀπαιτουμένου ἀριθμοῦ μετοχῶν μὴ ὄντος κατατεθειμένου, ἡ Συνέλευσις ἀναβάλλεται διὰ τὴν 24 Ἀπριλίου 1913 ἡμέραν Τετάρτην καὶ ὥραν 11 π.μ.

Διὰ τὴν ἀναβληθεῖσαν συνέλευσιν καλοῦνται οἱ κ.κ. μέτοχοι ὅπως καταθέσωσι τὰς μετοχὰς των πρὸ πέντε ἡμερῶν εἰς τὰ ταμεῖα τῆς Ἑταιρίας ἢ εἰς τὴν Ἐθνικὴν Τράπεζαν.

Ἐν Ἀθήναις παρὰ τῷ ταμείῳ τῆς Ἑταιρίας (ὁδὸς Καρόλου 1).

Ἐν Λονδίνῳ παρὰ τῷ Ταμείῳ τῆς Ἑταιρίας (22 Fenchurch Street E. C.).

Ἐν Παρισίοις παρὰ τῇ Τραπέζῃ Comptoir National d'Escompte de Paris et Société Marseillaise de Crédit Industriel et Commercial et de Dépôts.

Ἐν Ἀθήναις τῇ 27 Μαρτίου 1913.

Ὁ ἀντιπρόεδρος τοῦ διοικ. συμβουλίου (Ὑπογρ.) Φ. ΞΕΡΙΩΡΗΣ.

Institutrice Française disposant de deux heures dans la matinée désire leçons. S'adresser A. A. à l'«Embros».

UNE Française, âge raisonnable, veut se placer à la province pour enseigner sa langue et le piano. Bonnes références.

Ecrire: Hôtel Central rue du Stade, Athènes; pour M. F. H.
